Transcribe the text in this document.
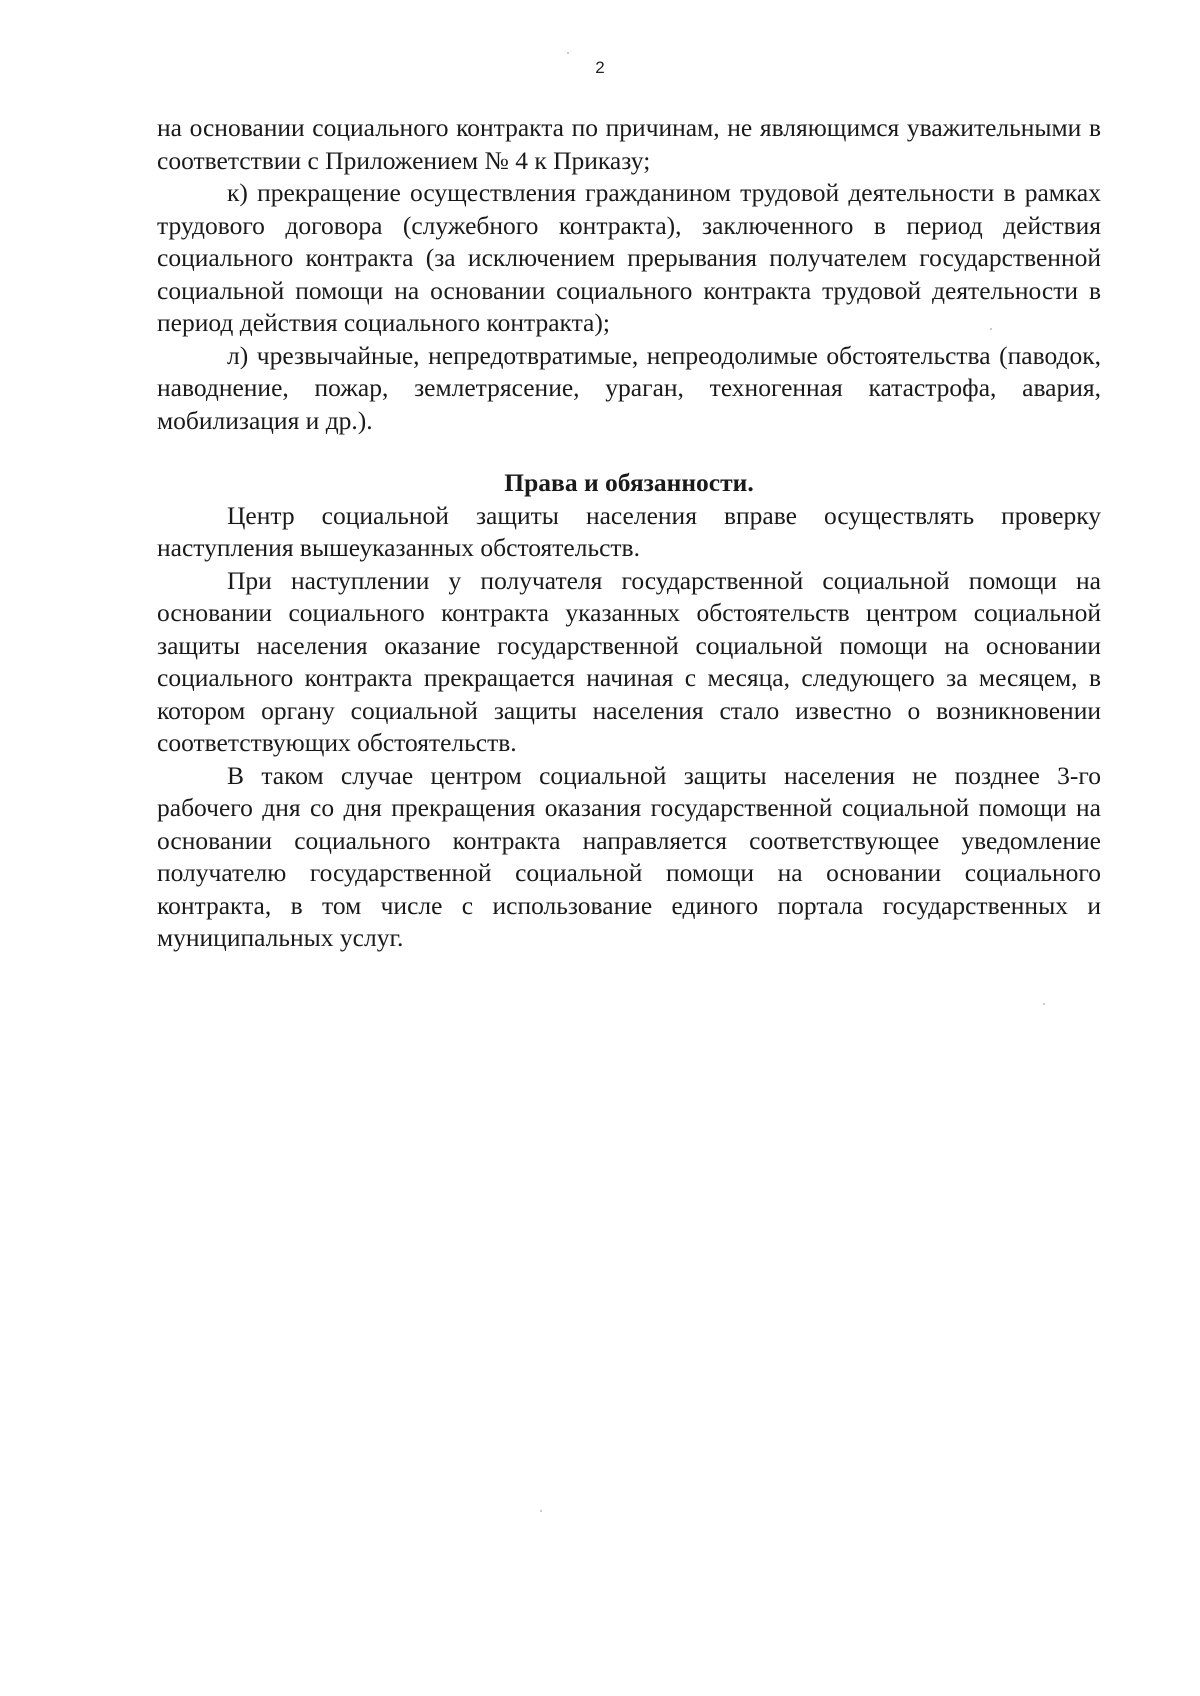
2

на основании социального контракта по причинам, не являющимся уважительными в соответствии с Приложением № 4 к Приказу;

к) прекращение осуществления гражданином трудовой деятельности в рамках трудового договора (служебного контракта), заключенного в период действия социального контракта (за исключением прерывания получателем государственной социальной помощи на основании социального контракта трудовой деятельности в период действия социального контракта);

л) чрезвычайные, непредотвратимые, непреодолимые обстоятельства (паводок, наводнение, пожар, землетрясение, ураган, техногенная катастрофа, авария, мобилизация и др.).

Права и обязанности.

Центр социальной защиты населения вправе осуществлять проверку наступления вышеуказанных обстоятельств.

При наступлении у получателя государственной социальной помощи на основании социального контракта указанных обстоятельств центром социальной защиты населения оказание государственной социальной помощи на основании социального контракта прекращается начиная с месяца, следующего за месяцем, в котором органу социальной защиты населения стало известно о возникновении соответствующих обстоятельств.

В таком случае центром социальной защиты населения не позднее 3-го рабочего дня со дня прекращения оказания государственной социальной помощи на основании социального контракта направляется соответствующее уведомление получателю государственной социальной помощи на основании социального контракта, в том числе с использование единого портала государственных и муниципальных услуг.
